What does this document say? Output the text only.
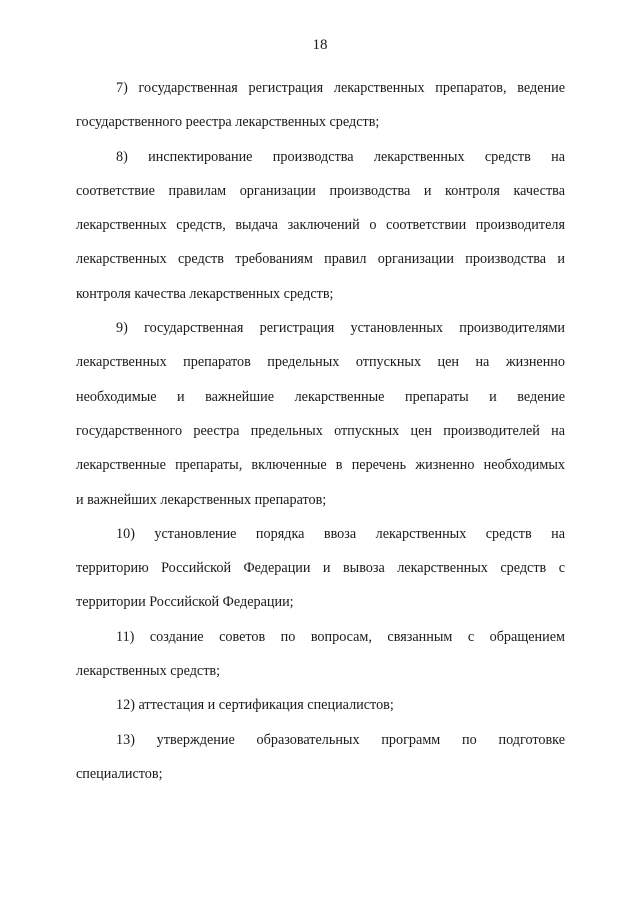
18
7) государственная регистрация лекарственных препаратов, ведение
государственного реестра лекарственных средств;
8) инспектирование производства лекарственных средств на
соответствие правилам организации производства и контроля качества
лекарственных средств, выдача заключений о соответствии производителя
лекарственных средств требованиям правил организации производства и
контроля качества лекарственных средств;
9) государственная регистрация установленных производителями
лекарственных препаратов предельных отпускных цен на жизненно
необходимые и важнейшие лекарственные препараты и ведение
государственного реестра предельных отпускных цен производителей на
лекарственные препараты, включенные в перечень жизненно необходимых
и важнейших лекарственных препаратов;
10) установление порядка ввоза лекарственных средств на
территорию Российской Федерации и вывоза лекарственных средств с
территории Российской Федерации;
11) создание советов по вопросам, связанным с обращением
лекарственных средств;
12) аттестация и сертификация специалистов;
13) утверждение образовательных программ по подготовке
специалистов;
